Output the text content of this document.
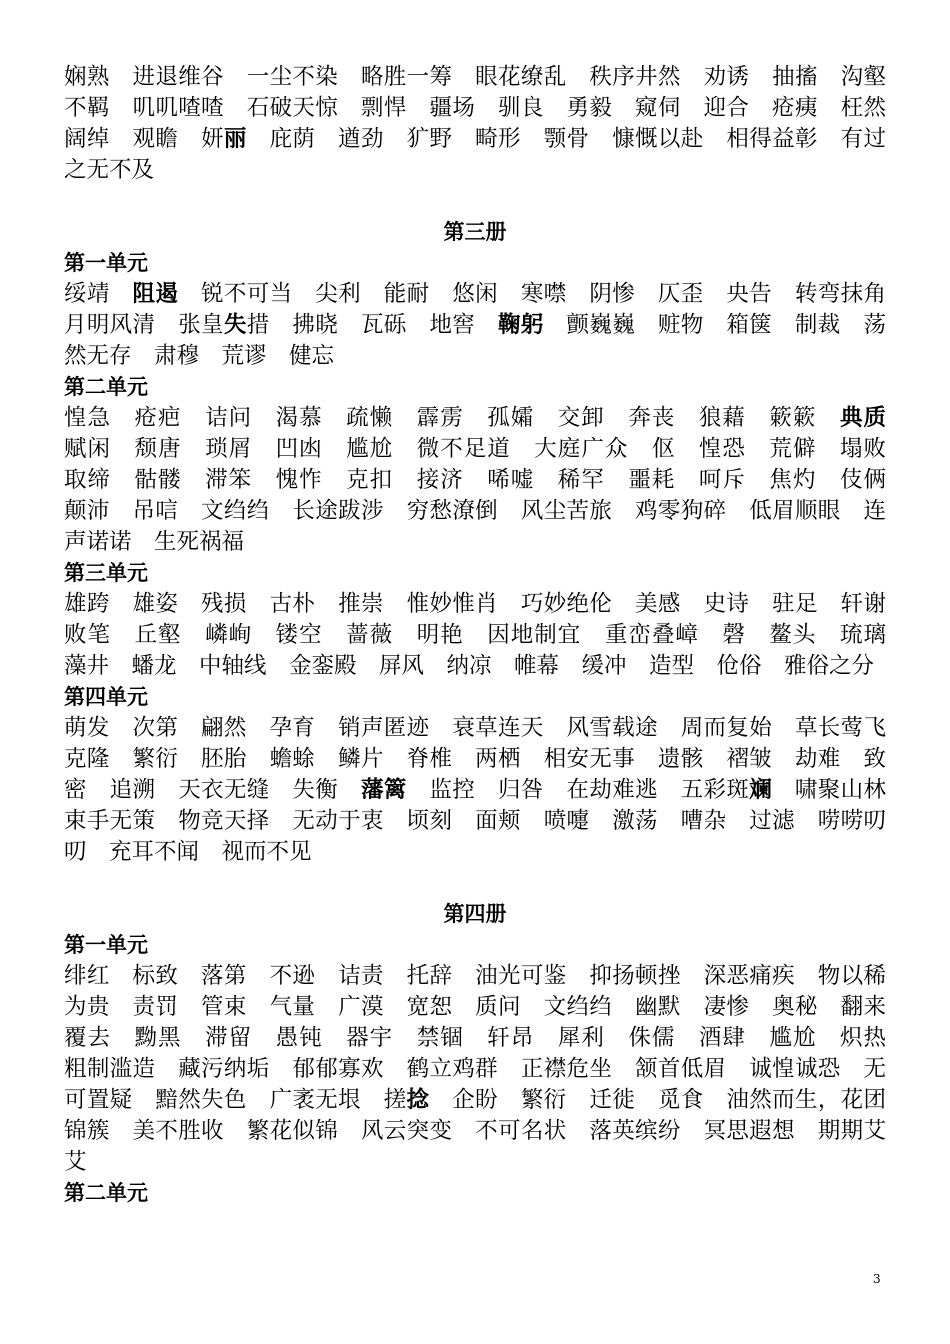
娴熟　进退维谷　一尘不染　略胜一筹　眼花缭乱　秩序井然　劝诱　抽搐　沟壑　不羁　叽叽喳喳　石破天惊　剽悍　疆场　驯良　勇毅　窥伺　迎合　疮痍　枉然　阔绰　观瞻　妍丽　庇荫　遒劲　犷野　畸形　颚骨　慷慨以赴　相得益彰　有过之无不及

第三册

第一单元

绥靖　阻遏　锐不可当　尖利　能耐　悠闲　寒噤　阴惨　仄歪　央告　转弯抹角　月明风清　张皇失措　拂晓　瓦砾　地窖　鞠躬　颤巍巍　赃物　箱箧　制裁　荡然无存　肃穆　荒谬　健忘

第二单元

惶急　疮疤　诘问　渴慕　疏懒　霹雳　孤孀　交卸　奔丧　狼藉　簌簌　典质　赋闲　颓唐　琐屑　凹凼　尴尬　微不足道　大庭广众　伛　惶恐　荒僻　塌败　取缔　骷髅　滞笨　愧怍　克扣　接济　唏嘘　稀罕　噩耗　呵斥　焦灼　伎俩　颠沛　吊唁　文绉绉　长途跋涉　穷愁潦倒　风尘苦旅　鸡零狗碎　低眉顺眼　连声诺诺　生死祸福

第三单元

雄跨　雄姿　残损　古朴　推崇　惟妙惟肖　巧妙绝伦　美感　史诗　驻足　轩谢　败笔　丘壑　嶙峋　镂空　蔷薇　明艳　因地制宜　重峦叠嶂　磬　鳌头　琉璃　藻井　蟠龙　中轴线　金銮殿　屏风　纳凉　帷幕　缓冲　造型　伧俗　雅俗之分

第四单元

萌发　次第　翩然　孕育　销声匿迹　衰草连天　风雪载途　周而复始　草长莺飞　克隆　繁衍　胚胎　蟾蜍　鳞片　脊椎　两栖　相安无事　遗骸　褶皱　劫难　致密　追溯　天衣无缝　失衡　藩篱　监控　归咎　在劫难逃　五彩斑斓　啸聚山林　束手无策　物竞天择　无动于衷　顷刻　面颊　喷嚏　激荡　嘈杂　过滤　唠唠叨叨　充耳不闻　视而不见

第四册

第一单元

绯红　标致　落第　不逊　诘责　托辞　油光可鉴　抑扬顿挫　深恶痛疾　物以稀为贵　责罚　管束　气量　广漠　宽恕　质问　文绉绉　幽默　凄惨　奥秘　翻来覆去　黝黑　滞留　愚钝　器宇　禁锢　轩昂　犀利　侏儒　酒肆　尴尬　炽热　粗制滥造　藏污纳垢　郁郁寡欢　鹤立鸡群　正襟危坐　颔首低眉　诚惶诚恐　无可置疑　黯然失色　广袤无垠　搓捻　企盼　繁衍　迁徙　觅食　油然而生，花团锦簇　美不胜收　繁花似锦　风云突变　不可名状　落英缤纷　冥思遐想　期期艾艾

第二单元

3
